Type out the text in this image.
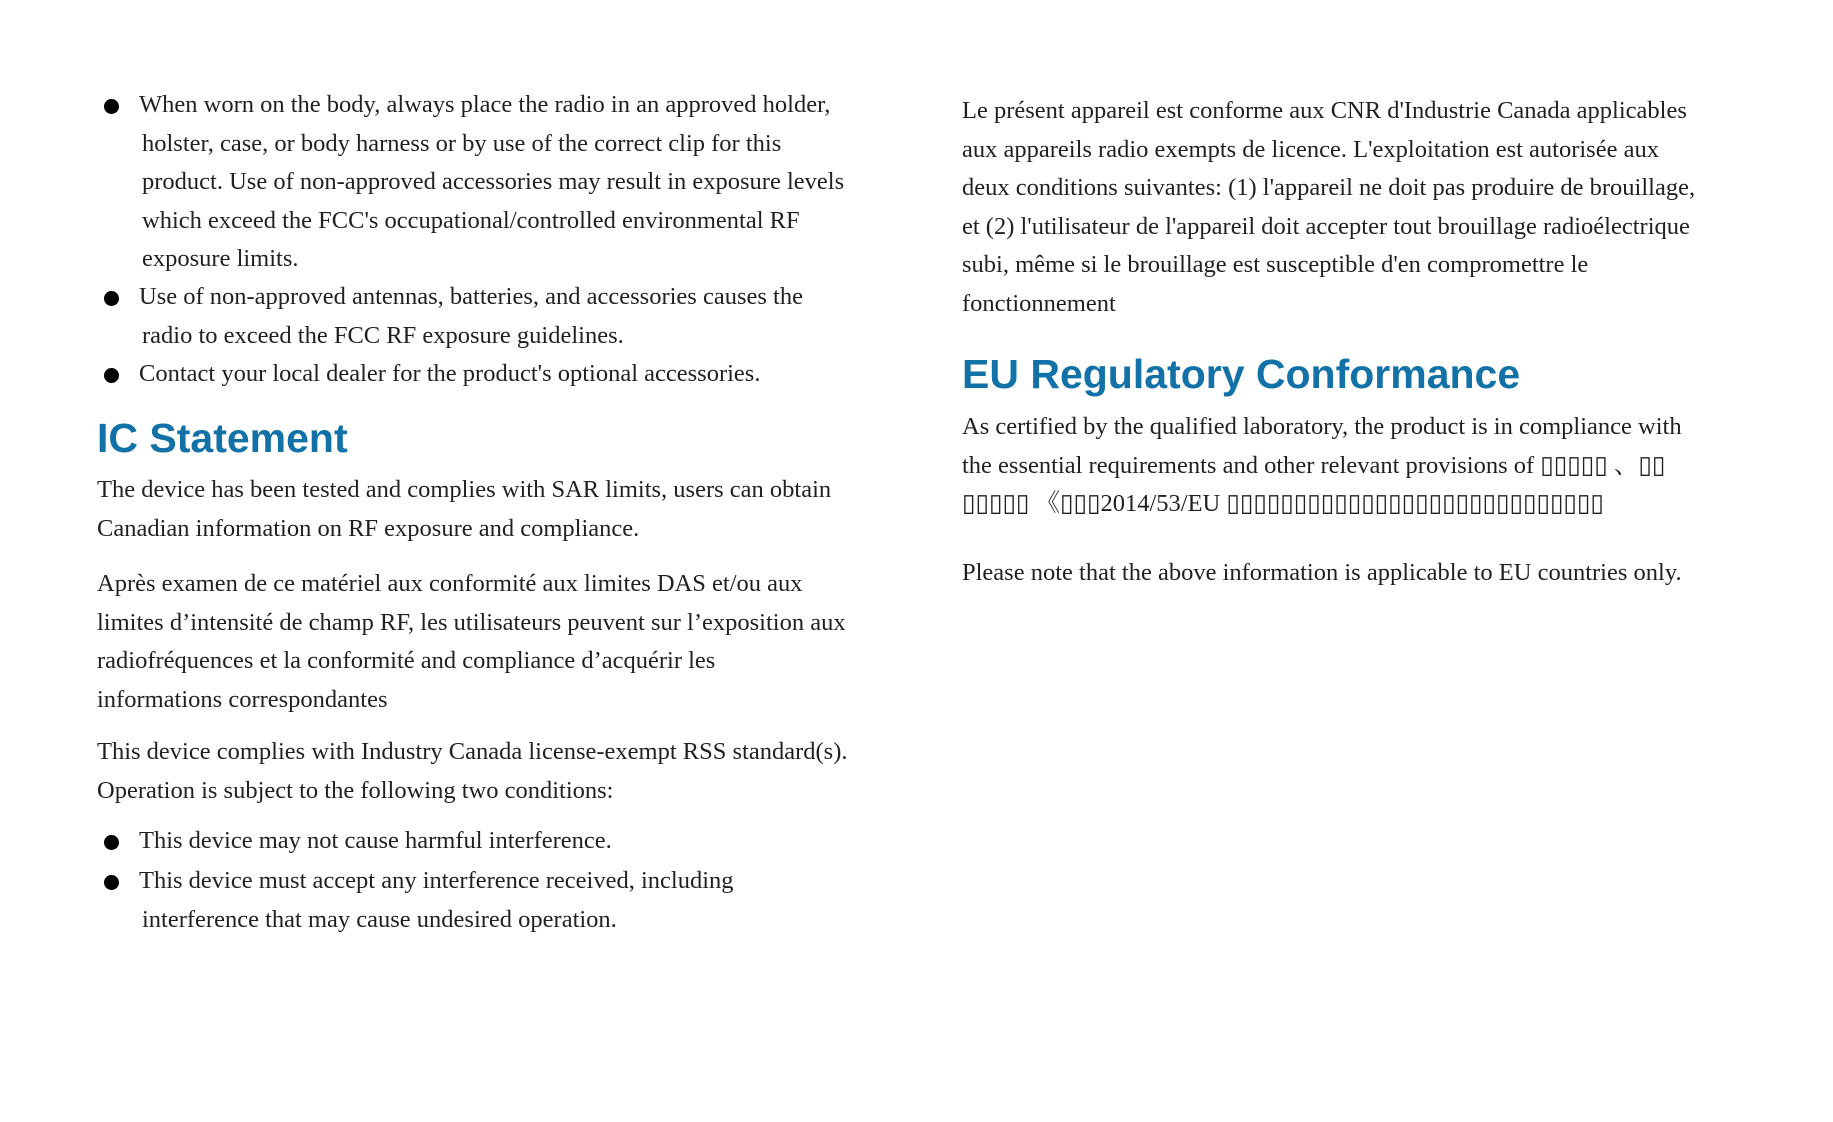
When worn on the body, always place the radio in an approved holder,
holster, case, or body harness or by use of the correct clip for this
product. Use of non-approved accessories may result in exposure levels
which exceed the FCC's occupational/controlled environmental RF
exposure limits.

Use of non-approved antennas, batteries, and accessories causes the
radio to exceed the FCC RF exposure guidelines.

Contact your local dealer for the product's optional accessories.

IC Statement

The device has been tested and complies with SAR limits, users can obtain
Canadian information on RF exposure and compliance.

Après examen de ce matériel aux conformité aux limites DAS et/ou aux
limites d’intensité de champ RF, les utilisateurs peuvent sur l’exposition aux
radiofréquences et la conformité and compliance d’acquérir les
informations correspondantes

This device complies with Industry Canada license-exempt RSS standard(s).
Operation is subject to the following two conditions:

This device may not cause harmful interference.

This device must accept any interference received, including
interference that may cause undesired operation.

Le présent appareil est conforme aux CNR d'Industrie Canada applicables
aux appareils radio exempts de licence. L'exploitation est autorisée aux
deux conditions suivantes: (1) l'appareil ne doit pas produire de brouillage,
et (2) l'utilisateur de l'appareil doit accepter tout brouillage radioélectrique
subi, même si le brouillage est susceptible d'en compromettre le
fonctionnement

EU Regulatory Conformance

As certified by the qualified laboratory, the product is in compliance with
the essential requirements and other relevant provisions of ▯▯▯▯▯ 、▯▯
▯▯▯▯▯ 《▯▯▯2014/53/EU ▯▯▯▯▯▯▯▯▯▯▯▯▯▯▯▯▯▯▯▯▯▯▯▯▯▯▯▯

Please note that the above information is applicable to EU countries only.
